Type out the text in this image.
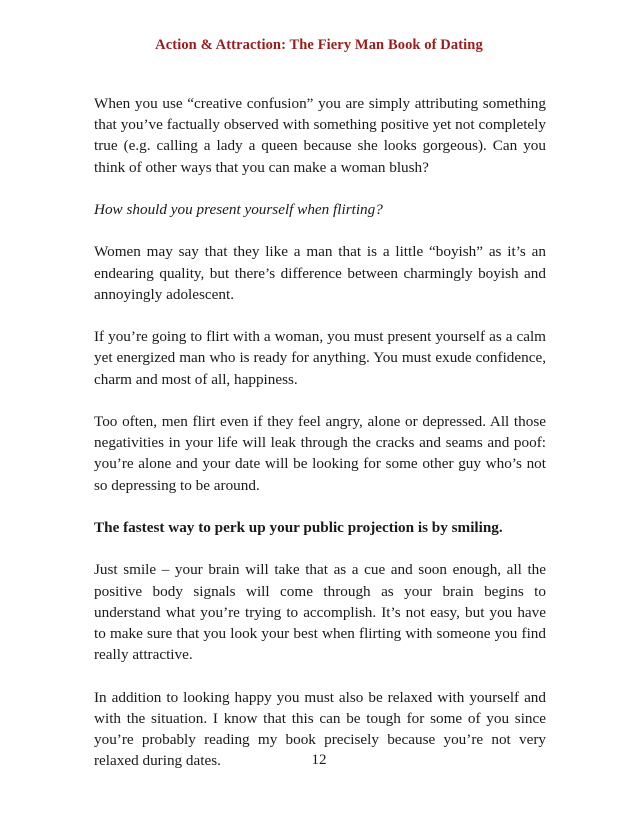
Action & Attraction: The Fiery Man Book of Dating

When you use “creative confusion” you are simply attributing something that you’ve factually observed with something positive yet not completely true (e.g. calling a lady a queen because she looks gorgeous). Can you think of other ways that you can make a woman blush?

How should you present yourself when flirting?

Women may say that they like a man that is a little “boyish” as it’s an endearing quality, but there’s difference between charmingly boyish and annoyingly adolescent.

If you’re going to flirt with a woman, you must present yourself as a calm yet energized man who is ready for anything. You must exude confidence, charm and most of all, happiness.

Too often, men flirt even if they feel angry, alone or depressed. All those negativities in your life will leak through the cracks and seams and poof: you’re alone and your date will be looking for some other guy who’s not so depressing to be around.

The fastest way to perk up your public projection is by smiling.

Just smile – your brain will take that as a cue and soon enough, all the positive body signals will come through as your brain begins to understand what you’re trying to accomplish. It’s not easy, but you have to make sure that you look your best when flirting with someone you find really attractive.

In addition to looking happy you must also be relaxed with yourself and with the situation. I know that this can be tough for some of you since you’re probably reading my book precisely because you’re not very relaxed during dates.	12
